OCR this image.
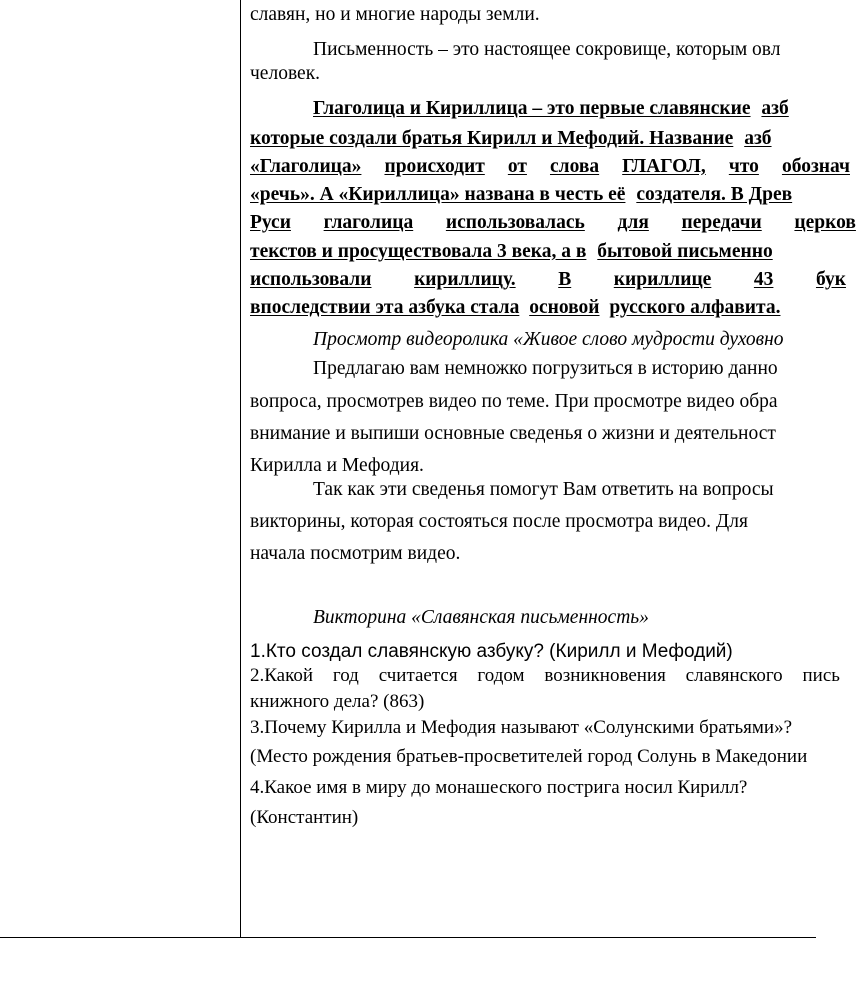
славян, но и многие народы земли.

Письменность – это настоящее сокровище, которым овл

человек.

Глаголица и Кириллица – это первые славянские азб
которые создали братья Кирилл и Мефодий. Название азб
«Глаголица» происходит от слова ГЛАГОЛ, что обознач
«речь». А «Кириллица» названа в честь её создателя. В Древ
Руси глаголица использовалась для передачи церков
текстов и просуществовала 3 века, а в бытовой письменно
использовали кириллицу. В кириллице 43 бук
впоследствии эта азбука стала основой русского алфавита.

Просмотр видеоролика «Живое слово мудрости духовно

Предлагаю вам немножко погрузиться в историю данно

вопроса, просмотрев видео по теме. При просмотре видео обра

внимание и выпиши основные сведенья о жизни и деятельност

Кирилла и Мефодия.

Так как эти сведенья помогут Вам ответить на вопросы

викторины, которая состояться после просмотра видео. Для

начала посмотрим видео.

Викторина «Славянская письменность»

1.Кто создал славянскую азбуку? (Кирилл и Мефодий)

2.Какой год считается годом возникновения славянского пись

книжного дела? (863)

3.Почему Кирилла и Мефодия называют «Солунскими братьями»?

(Место рождения братьев-просветителей город Солунь в Македонии

4.Какое имя в миру до монашеского пострига носил Кирилл?

(Константин)
